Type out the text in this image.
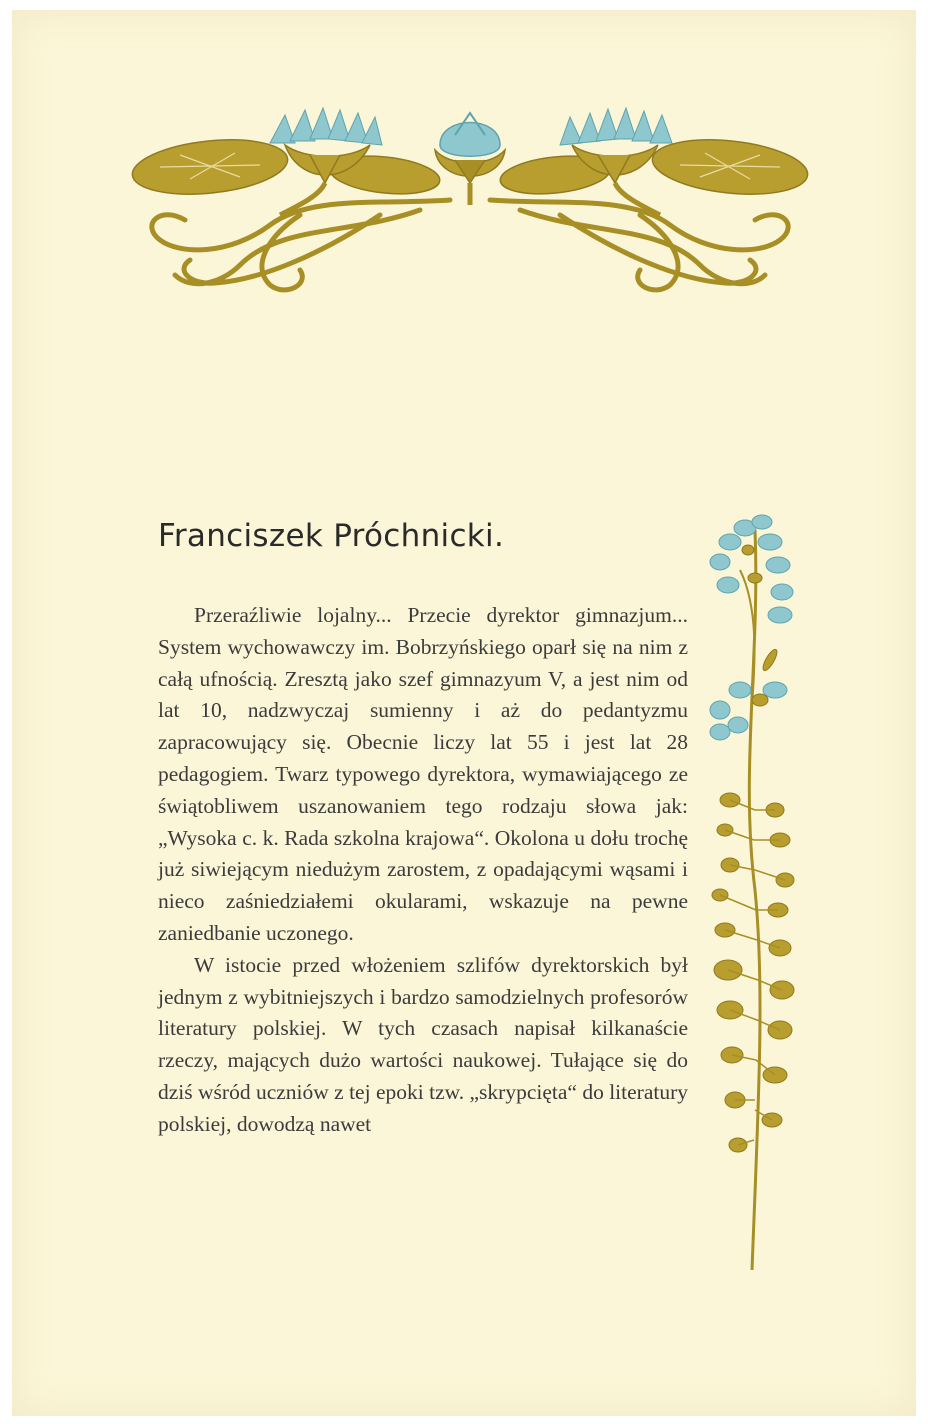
Franciszek Próchnicki.

Przeraźliwie lojalny... Przecie dyrektor gimnazjum... System wychowawczy im. Bobrzyńskiego oparł się na nim z całą ufnością. Zresztą jako szef gimnazyum V, a jest nim od lat 10, nadzwyczaj sumienny i aż do pedantyzmu zapracowujący się. Obecnie liczy lat 55 i jest lat 28 pedagogiem. Twarz typowego dyrektora, wymawiającego ze świątobliwem uszanowaniem tego rodzaju słowa jak: „Wysoka c. k. Rada szkolna krajowa“. Okolona u dołu trochę już siwiejącym niedużym zarostem, z opadającymi wąsami i nieco zaśniedziałemi okularami, wskazuje na pewne zaniedbanie uczonego.

W istocie przed włożeniem szlifów dyrektorskich był jednym z wybitniejszych i bardzo samodzielnych profesorów literatury polskiej. W tych czasach napisał kilkanaście rzeczy, mających dużo wartości naukowej. Tułające się do dziś wśród uczniów z tej epoki tzw. „skrypcięta“ do literatury polskiej, dowodzą nawet
